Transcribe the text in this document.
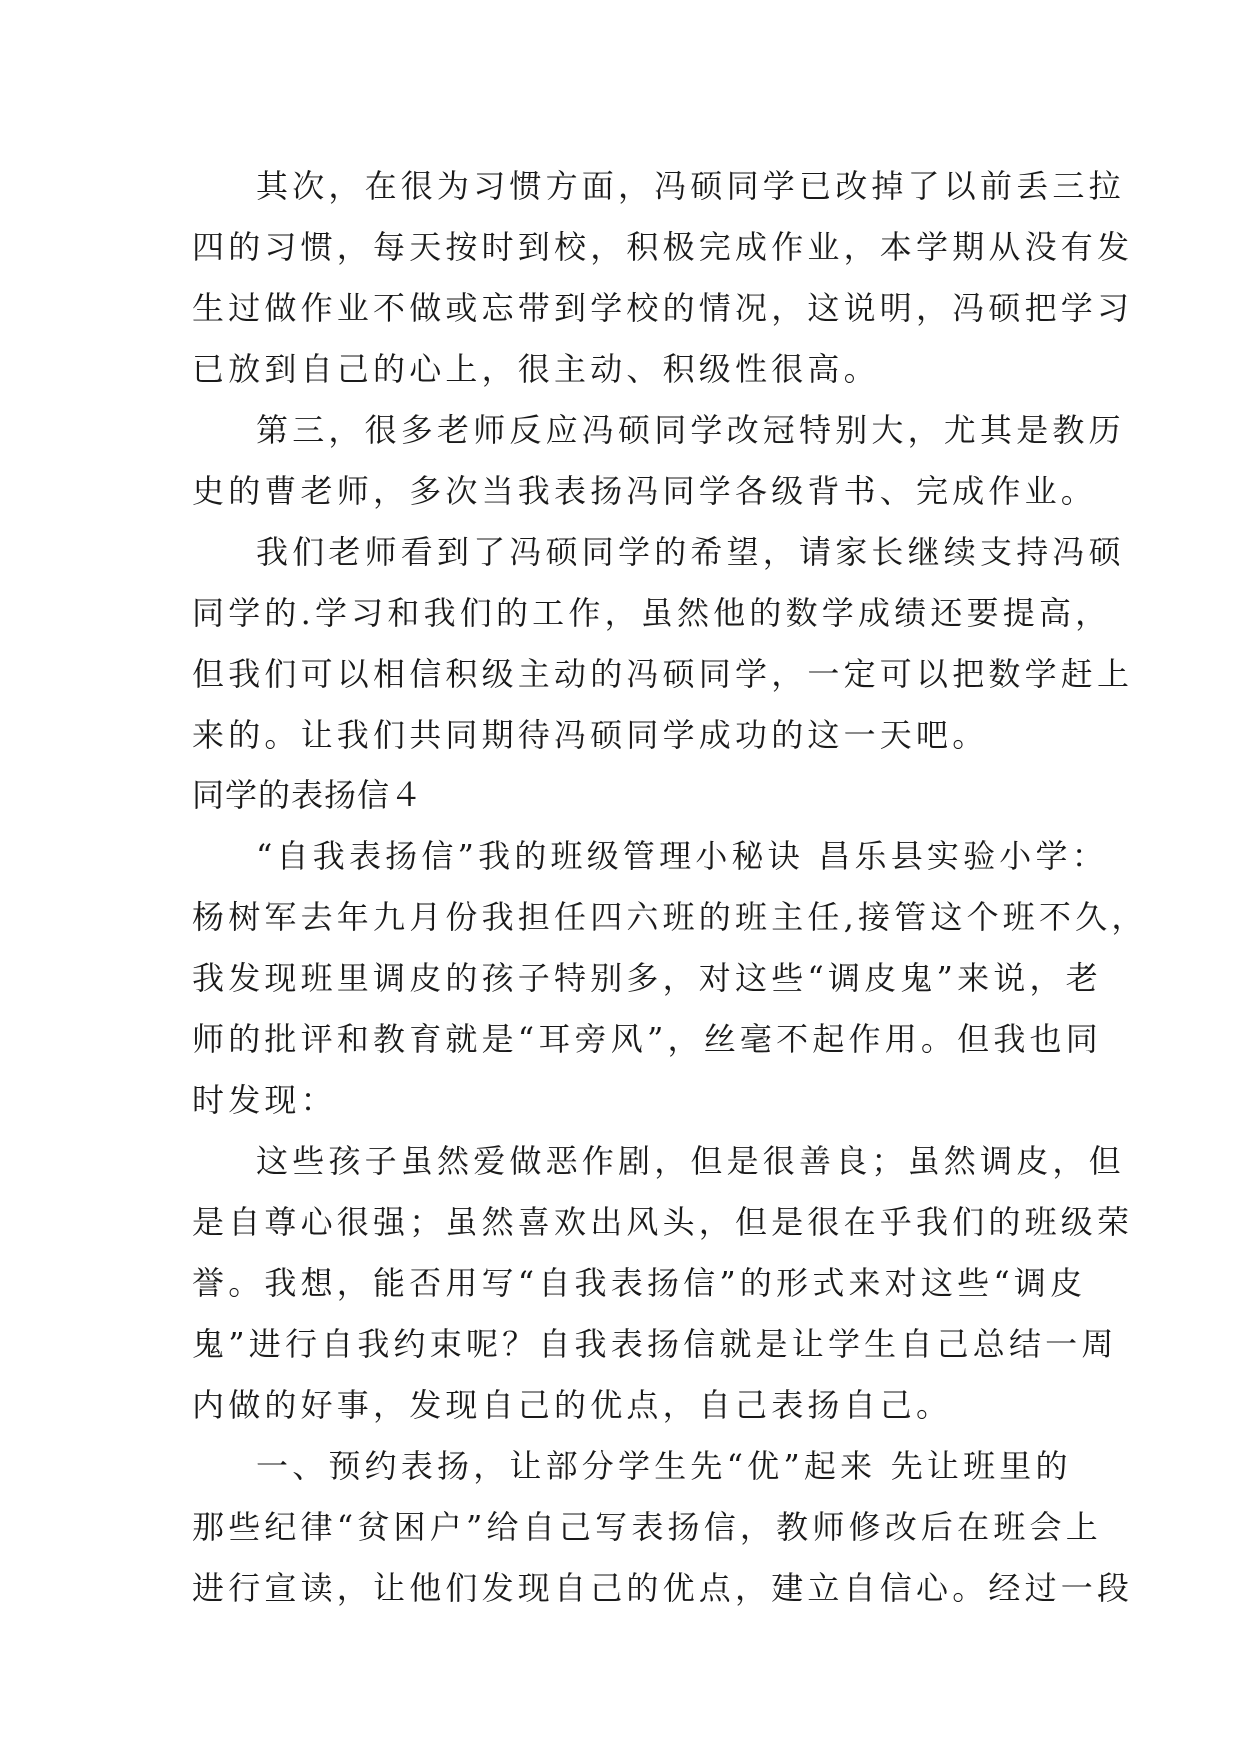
其次，在很为习惯方面，冯硕同学已改掉了以前丢三拉
四的习惯，每天按时到校，积极完成作业，本学期从没有发
生过做作业不做或忘带到学校的情况，这说明，冯硕把学习
已放到自己的心上，很主动、积级性很高。
第三，很多老师反应冯硕同学改冠特别大，尤其是教历
史的曹老师，多次当我表扬冯同学各级背书、完成作业。
我们老师看到了冯硕同学的希望，请家长继续支持冯硕
同学的.学习和我们的工作，虽然他的数学成绩还要提高，
但我们可以相信积级主动的冯硕同学，一定可以把数学赶上
来的。让我们共同期待冯硕同学成功的这一天吧。
同学的表扬信４
“自我表扬信”我的班级管理小秘诀 昌乐县实验小学：
杨树军去年九月份我担任四六班的班主任,接管这个班不久，
我发现班里调皮的孩子特别多，对这些“调皮鬼”来说，老
师的批评和教育就是“耳旁风”，丝毫不起作用。但我也同
时发现：
这些孩子虽然爱做恶作剧，但是很善良；虽然调皮，但
是自尊心很强；虽然喜欢出风头，但是很在乎我们的班级荣
誉。我想，能否用写“自我表扬信”的形式来对这些“调皮
鬼”进行自我约束呢？自我表扬信就是让学生自己总结一周
内做的好事，发现自己的优点，自己表扬自己。
一、预约表扬，让部分学生先“优”起来 先让班里的
那些纪律“贫困户”给自己写表扬信，教师修改后在班会上
进行宣读，让他们发现自己的优点，建立自信心。经过一段
